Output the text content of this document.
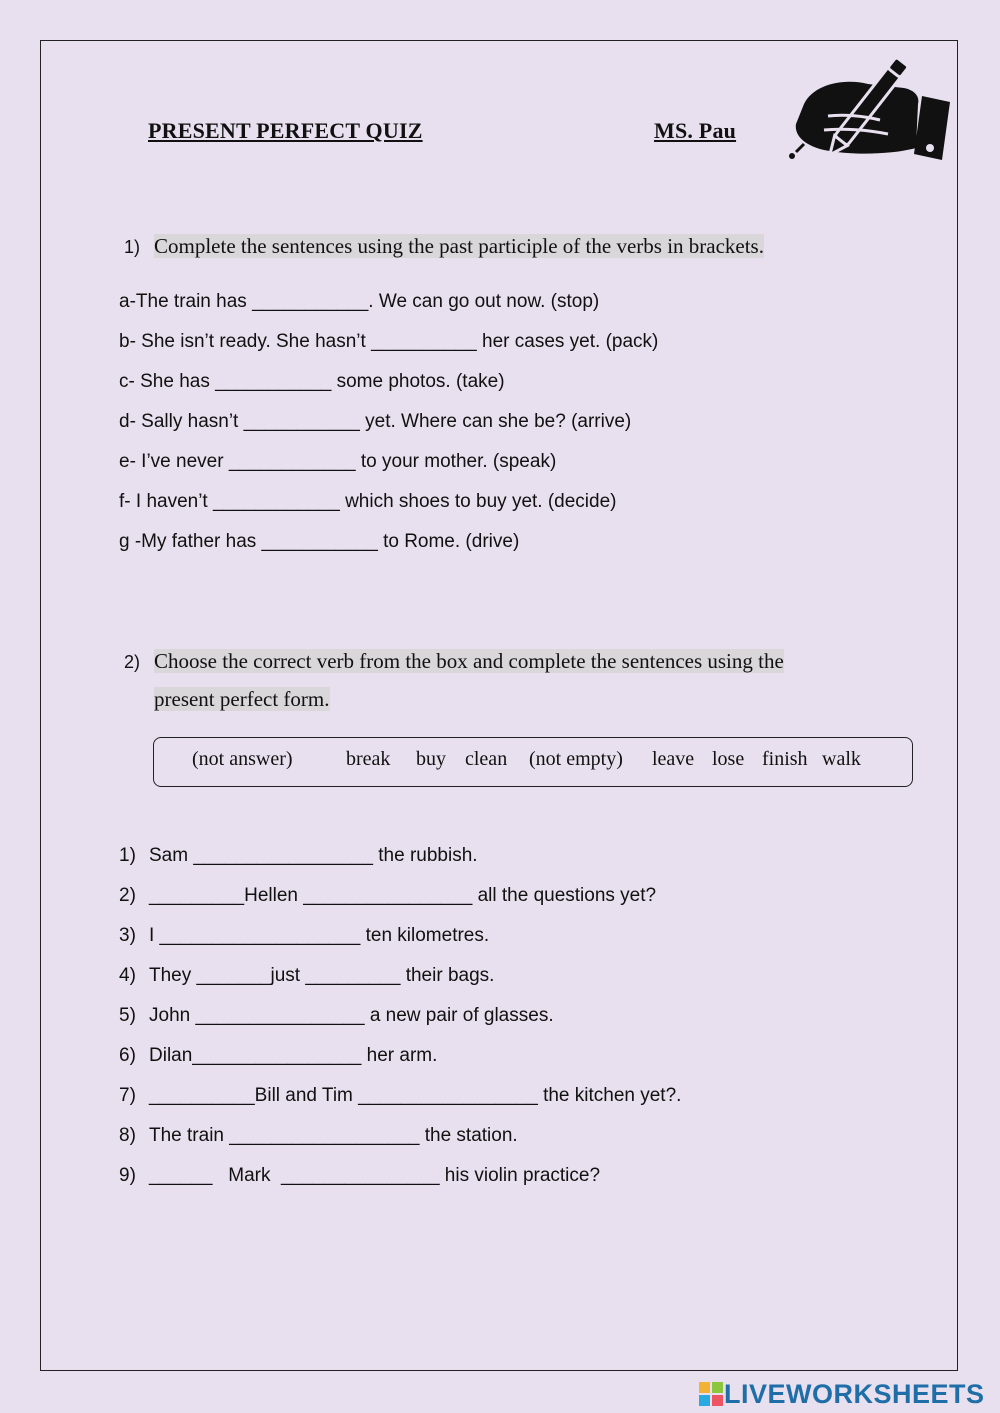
PRESENT PERFECT QUIZ	MS. Pau
1) Complete the sentences using the past participle of the verbs in brackets.
a-The train has ___________. We can go out now. (stop)
b- She isn’t ready. She hasn’t __________ her cases yet. (pack)
c- She has ___________ some photos. (take)
d- Sally hasn’t ___________ yet. Where can she be? (arrive)
e- I’ve never ____________ to your mother. (speak)
f- I haven’t ____________ which shoes to buy yet. (decide)
g -My father has ___________ to Rome. (drive)
2) Choose the correct verb from the box and complete the sentences using the
present perfect form.

(not answer)

	break

buy

clean

(not empty)

leave

lose

finish

walk

1) Sam _________________ the rubbish.
2) _________Hellen ________________ all the questions yet?
3) I ___________________ ten kilometres.
4) They _______just _________ their bags.
5) John ________________ a new pair of glasses.
6) Dilan________________ her arm.
7) __________Bill and Tim _________________ the kitchen yet?.
8) The train __________________ the station.
9) ______   Mark  _______________ his violin practice?
LIVEWORKSHEETS
